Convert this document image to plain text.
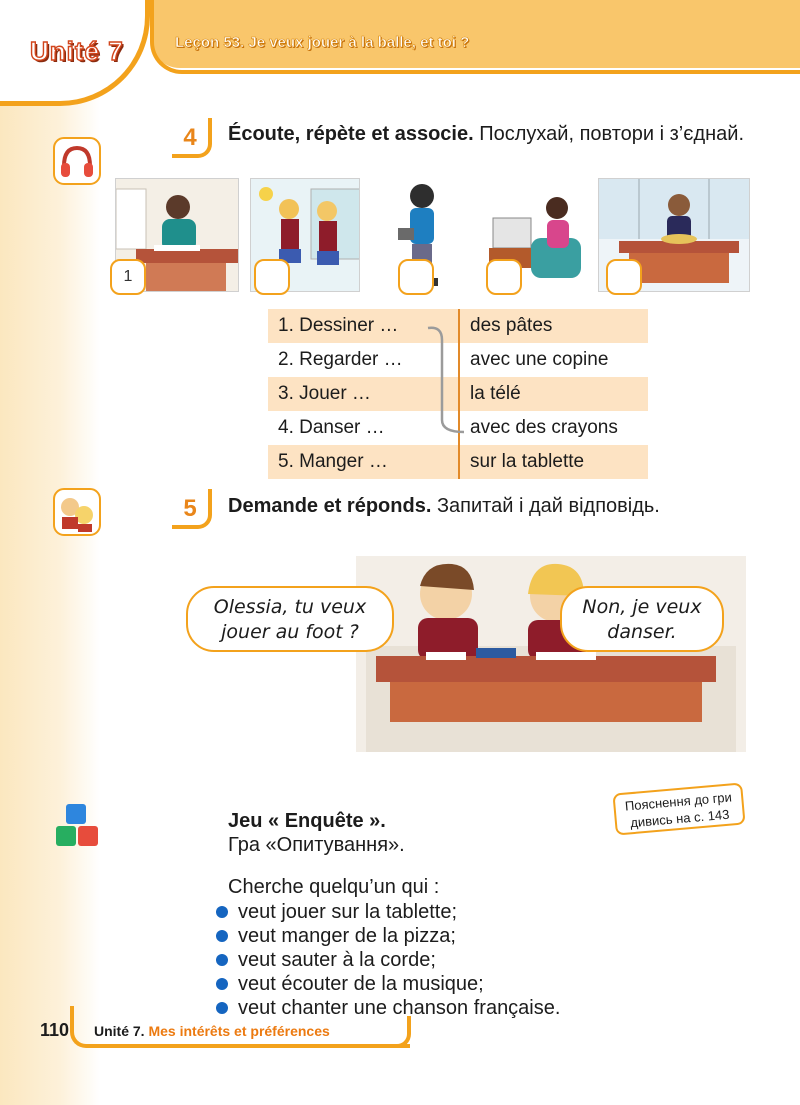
Unité 7	Leçon 53. Je veux jouer à la balle, et toi ?
4	Écoute, répète et associe. Послухай, повтори і з’єднай.
1
1. Dessiner …	des pâtes
2. Regarder …	avec une copine
3. Jouer …	la télé
4. Danser …	avec des crayons
5. Manger …	sur la tablette
5	Demande et réponds. Запитай і дай відповідь.
Olessia, tu veux
jouer au foot ?
Non, je veux
danser.
Jeu « Enquête ».
Гра «Опитування».
Пояснення до гри
дивись на с. 143
Cherche quelqu’un qui :
veut jouer sur la tablette;
veut manger de la pizza;
veut sauter à la corde;
veut écouter de la musique;
veut chanter une chanson française.
110 Unité 7. Mes intérêts et préférences
